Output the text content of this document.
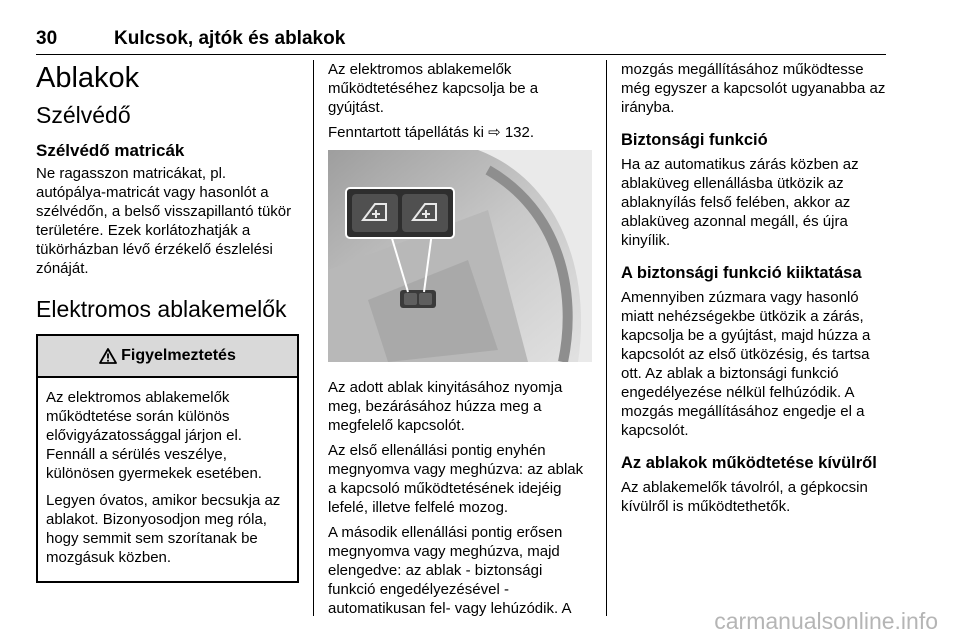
30	Kulcsok, ajtók és ablakok
Ablakok
Szélvédő
Szélvédő matricák

Ne ragasszon matricákat, pl. autópálya-matricát vagy hasonlót a szélvédőn, a belső visszapillantó tükör területére. Ezek korlátozhatják a tükörházban lévő érzékelő észlelési zónáját.

Elektromos ablakemelők
Figyelmeztetés

Az elektromos ablakemelők működtetése során különös elővigyázatossággal járjon el. Fennáll a sérülés veszélye, különösen gyermekek esetében.

Legyen óvatos, amikor becsukja az ablakot. Bizonyosodjon meg róla, hogy semmit sem szorítanak be mozgásuk közben.

Az elektromos ablakemelők működtetéséhez kapcsolja be a gyújtást.

Fenntartott tápellátás ki ⇨ 132.

Az adott ablak kinyitásához nyomja meg, bezárásához húzza meg a megfelelő kapcsolót.

Az első ellenállási pontig enyhén megnyomva vagy meghúzva: az ablak a kapcsoló működtetésének idejéig lefelé, illetve felfelé mozog.

A második ellenállási pontig erősen megnyomva vagy meghúzva, majd elengedve: az ablak - biztonsági funkció engedélyezésével - automatikusan fel- vagy lehúzódik. A

mozgás megállításához működtesse még egyszer a kapcsolót ugyanabba az irányba.

Biztonsági funkció

Ha az automatikus zárás közben az ablaküveg ellenállásba ütközik az ablaknyílás felső felében, akkor az ablaküveg azonnal megáll, és újra kinyílik.

A biztonsági funkció kiiktatása

Amennyiben zúzmara vagy hasonló miatt nehézségekbe ütközik a zárás, kapcsolja be a gyújtást, majd húzza a kapcsolót az első ütközésig, és tartsa ott. Az ablak a biztonsági funkció engedélyezése nélkül felhúzódik. A mozgás megállításához engedje el a kapcsolót.

Az ablakok működtetése kívülről

Az ablakemelők távolról, a gépkocsin kívülről is működtethetők.

carmanualsonline.info
